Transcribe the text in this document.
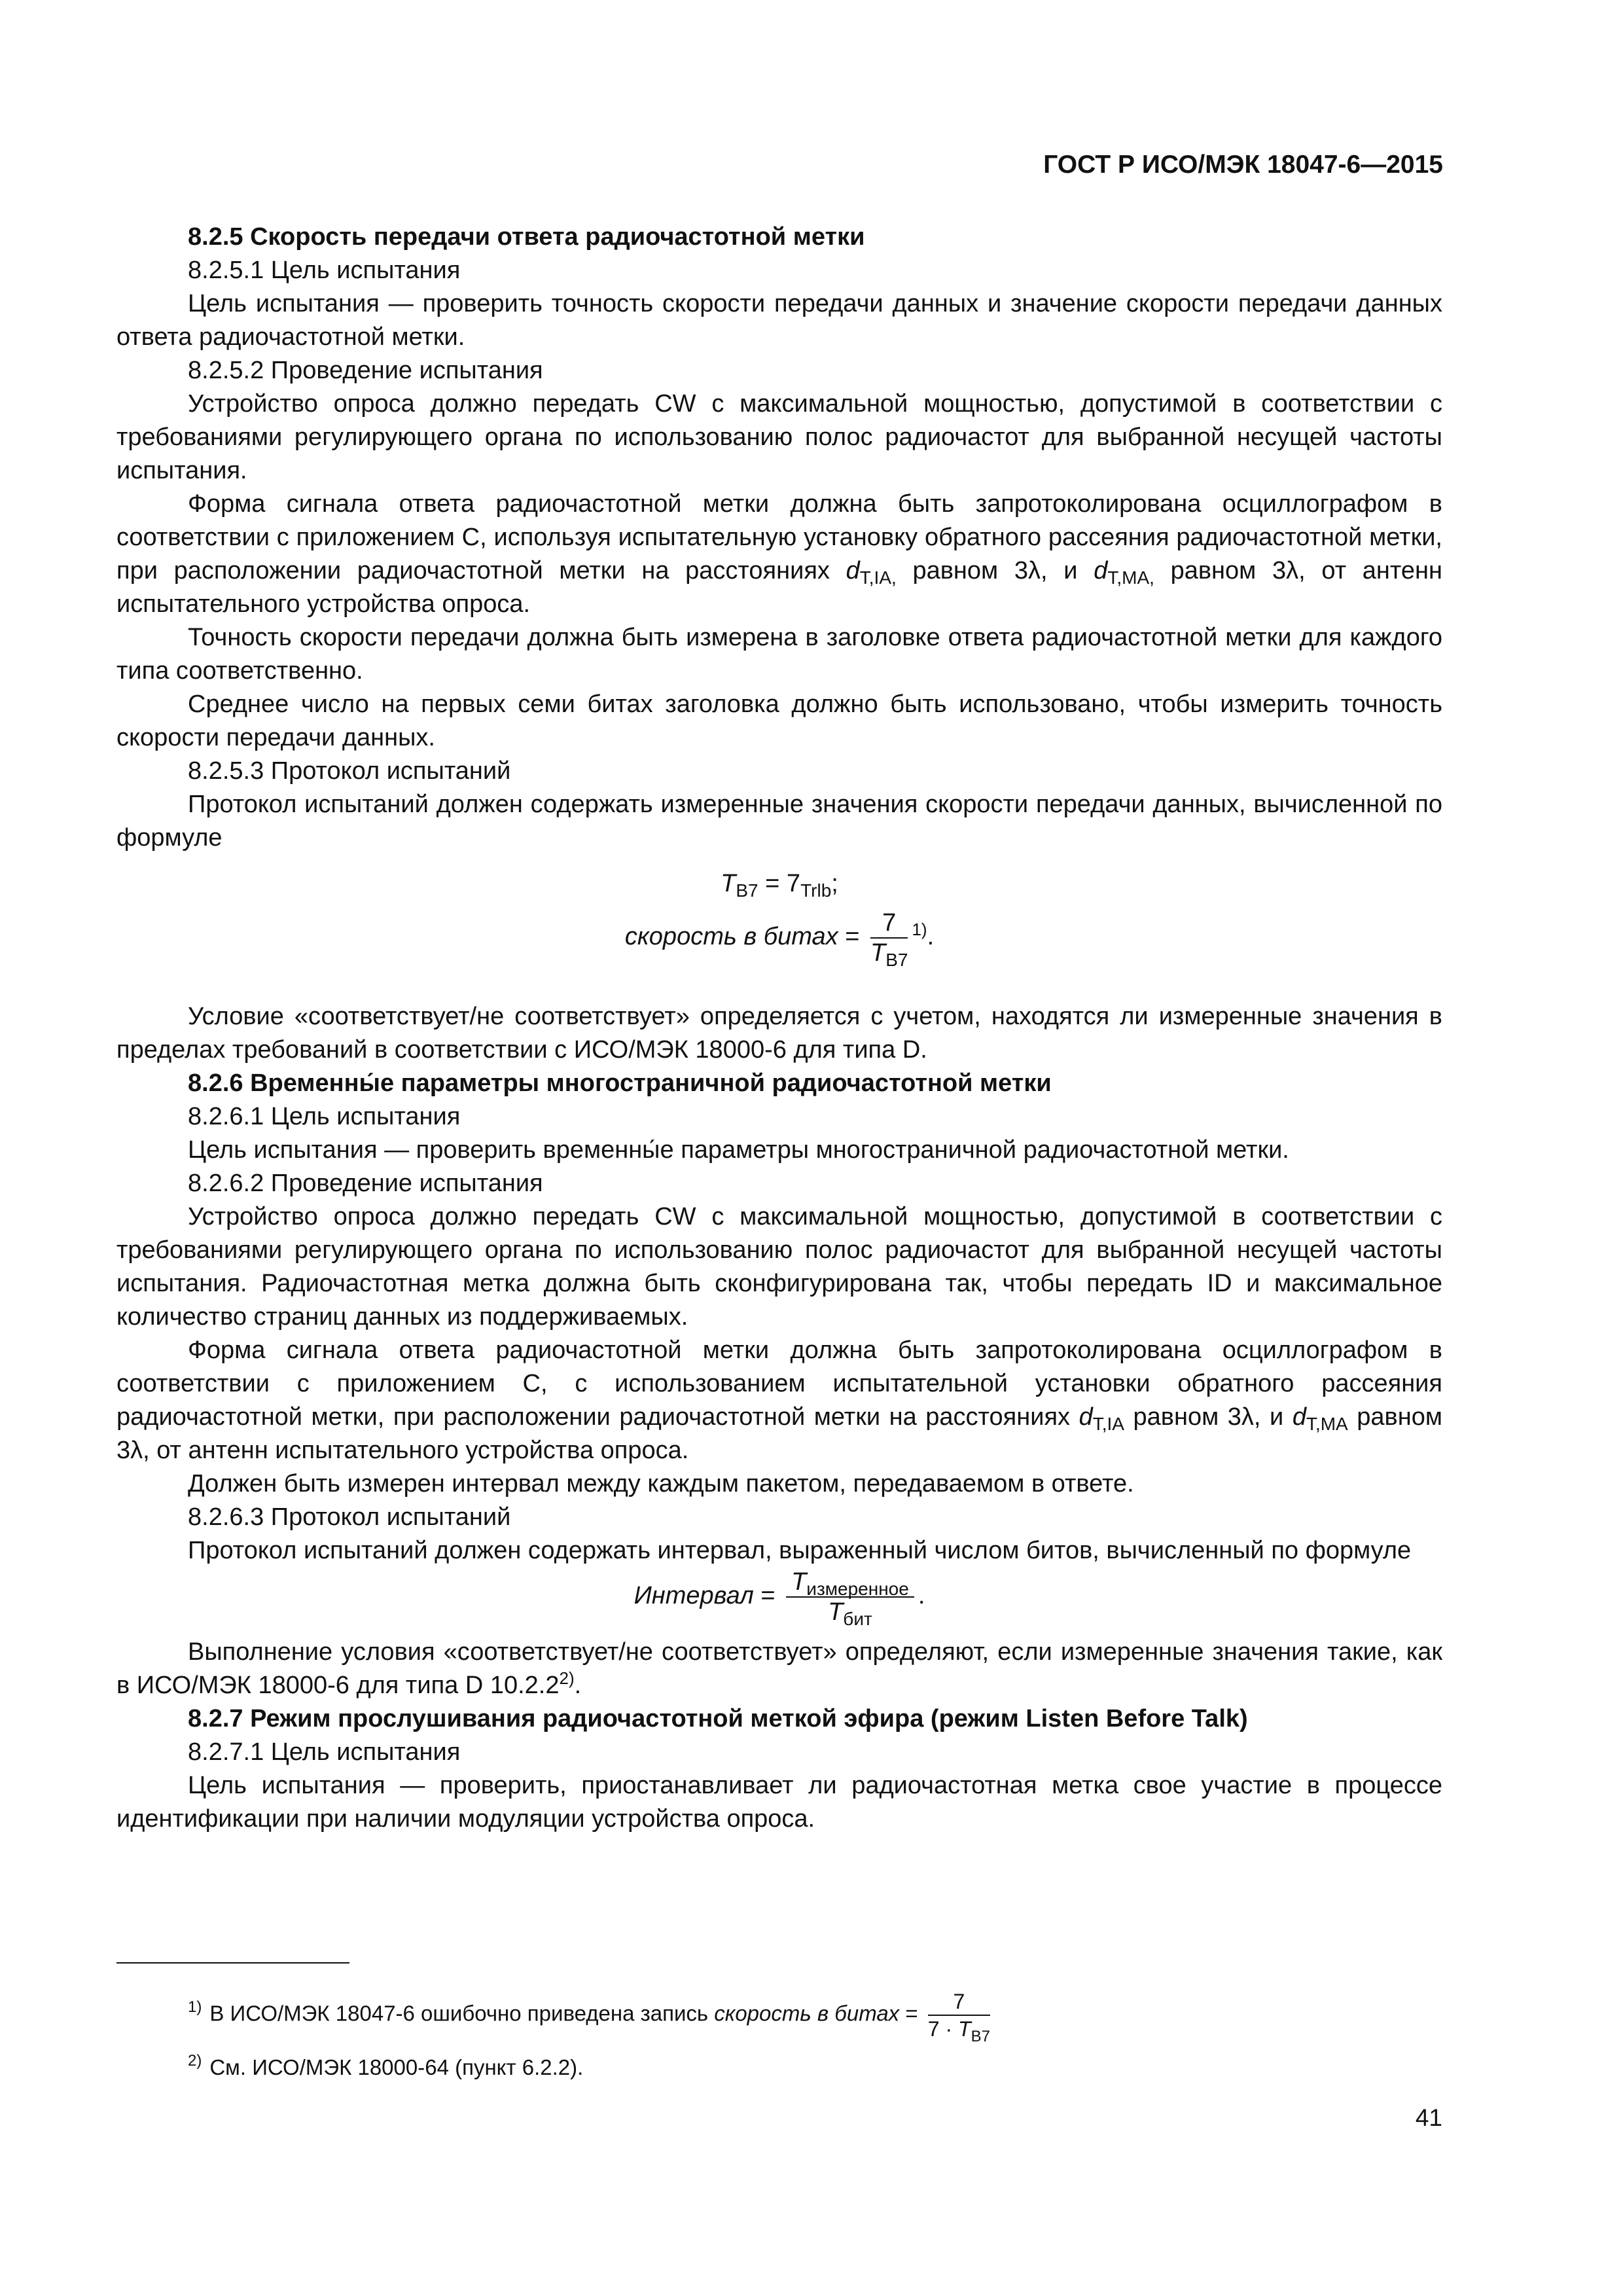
ГОСТ Р ИСО/МЭК 18047-6—2015

8.2.5 Скорость передачи ответа радиочастотной метки

8.2.5.1 Цель испытания

Цель испытания — проверить точность скорости передачи данных и значение скорости передачи данных ответа радиочастотной метки.

8.2.5.2 Проведение испытания

Устройство опроса должно передать CW с максимальной мощностью, допустимой в соответствии с требованиями регулирующего органа по использованию полос радиочастот для выбранной несущей частоты испытания.

Форма сигнала ответа радиочастотной метки должна быть запротоколирована осциллографом в соответствии с приложением С, используя испытательную установку обратного рассеяния радиочастотной метки, при расположении радиочастотной метки на расстояниях $d_{T,IA,}$ равном 3λ, и $d_{T,MA,}$ равном 3λ, от антенн испытательного устройства опроса.

Точность скорости передачи должна быть измерена в заголовке ответа радиочастотной метки для каждого типа соответственно.

Среднее число на первых семи битах заголовка должно быть использовано, чтобы измерить точность скорости передачи данных.

8.2.5.3 Протокол испытаний

Протокол испытаний должен содержать измеренные значения скорости передачи данных, вычисленной по формуле

$T_{B7} = 7_{Trlb}$;
скорость в битах = $\frac{7}{T_{B7}} ^{1)}$.

Условие «соответствует/не соответствует» определяется с учетом, находятся ли измеренные значения в пределах требований в соответствии с ИСО/МЭК 18000-6 для типа D.

8.2.6 Временны́е параметры многостраничной радиочастотной метки

8.2.6.1 Цель испытания

Цель испытания — проверить временны́е параметры многостраничной радиочастотной метки.

8.2.6.2 Проведение испытания

Устройство опроса должно передать CW с максимальной мощностью, допустимой в соответствии с требованиями регулирующего органа по использованию полос радиочастот для выбранной несущей частоты испытания. Радиочастотная метка должна быть сконфигурирована так, чтобы передать ID и максимальное количество страниц данных из поддерживаемых.

Форма сигнала ответа радиочастотной метки должна быть запротоколирована осциллографом в соответствии с приложением С, с использованием испытательной установки обратного рассеяния радиочастотной метки, при расположении радиочастотной метки на расстояниях $d_{T,IA}$ равном 3λ, и $d_{T,MA}$ равном 3λ, от антенн испытательного устройства опроса.

Должен быть измерен интервал между каждым пакетом, передаваемом в ответе.

8.2.6.3 Протокол испытаний

Протокол испытаний должен содержать интервал, выраженный числом битов, вычисленный по формуле

Интервал = $\frac{T_{измеренное}}{T_{бит}}$ .

Выполнение условия «соответствует/не соответствует» определяют, если измеренные значения такие, как в ИСО/МЭК 18000-6 для типа D 10.2.2$^{2)}$.

8.2.7 Режим прослушивания радиочастотной меткой эфира (режим Listen Before Talk)

8.2.7.1 Цель испытания

Цель испытания — проверить, приостанавливает ли радиочастотная метка свое участие в процессе идентификации при наличии модуляции устройства опроса.

$^{1)}$ В ИСО/МЭК 18047-6 ошибочно приведена запись скорость в битах = $\frac{7}{7 \cdot T_{B7}}$
$^{2)}$ См. ИСО/МЭК 18000-64 (пункт 6.2.2).
41
